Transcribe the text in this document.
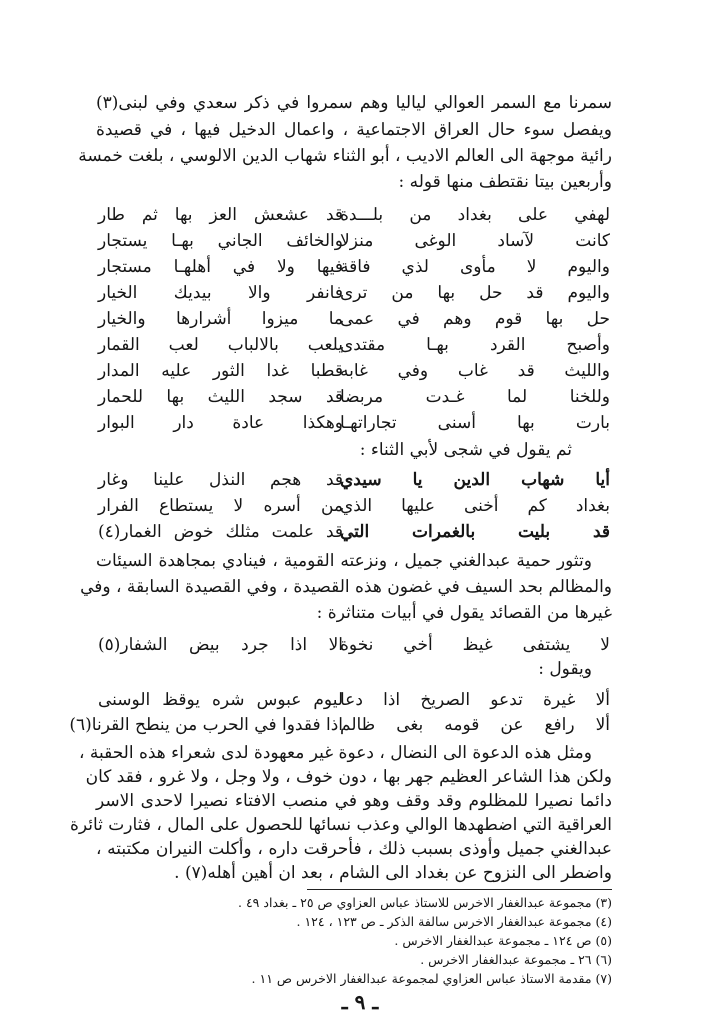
سمرنا مع السمر العوالي لياليا وهم سمروا في ذكر سعدي وفي لبنى(٣)
ويفصل سوء حال العراق الاجتماعية ، واعمال الدخيل فيها ، في قصيدة
رائية موجهة الى العالم الاديب ، أبو الثناء شهاب الدين الالوسي ، بلغت خمسة
وأربعين بيتا نقتطف منها قوله :
لهفي على بغداد من بلـــدة
قد عشعش العز بها ثم طار
كانت لآساد الوغى منزلا
والخائف الجاني بهـا يستجار
واليوم لا مأوى لذي فاقة
فيها ولا في أهلهـا مستجار
واليوم قد حل بها من ترى
فانفر والا بيديك الخيار
حل بها قوم وهم في عمى
ما ميزوا أشرارها والخيار
وأصبح القرد بهـا مقتدى
يلعب بالالباب لعب القمار
والليث قد غاب وفي غابه
قطبا غدا الثور عليه المدار
وللخنا لما غـدت مربضا
قد سجد الليث بها للحمار
بارت بها أسنى تجاراتهـا
وهكذا عادة دار البوار
ثم يقول في شجى لأبي الثناء :
أيا شهاب الدين يا سيدي
قد هجم النذل علينا وغار
بغداد كم أخنى عليها الذي
من أسره لا يستطاع الفرار
قد بليت بالغمرات التي
قد علمت مثلك خوض الغمار(٤)
وتثور حمية عبدالغني جميل ، ونزعته القومية ، فينادي بمجاهدة السيئات
والمظالم بحد السيف في غضون هذه القصيدة ، وفي القصيدة السابقة ، وفي
غيرها من القصائد يقول في أبيات متناثرة :
لا يشتفى غيظ أخي نخوة
الا اذا جرد بيض الشفار(٥)
ويقول :
ألا غيرة تدعو الصريخ اذا دعا
ليوم عبوس شره يوقظ الوسنى
ألا رافع عن قومه بغى ظالم
اذا فقدوا في الحرب من ينطح القرنا(٦)
ومثل هذه الدعوة الى النضال ، دعوة غير معهودة لدى شعراء هذه الحقبة ،
ولكن هذا الشاعر العظيم جهر بها ، دون خوف ، ولا وجل ، ولا غرو ، فقد كان
دائما نصيرا للمظلوم وقد وقف وهو في منصب الافتاء نصيرا لاحدى الاسر
العراقية التي اضطهدها الوالي وعذب نسائها للحصول على المال ، فثارت ثائرة
عبدالغني جميل وأوذى بسبب ذلك ، فأحرقت داره ، وأكلت النيران مكتبته ،
واضطر الى النزوح عن بغداد الى الشام ، بعد ان أهين أهله(٧) .
(٣) مجموعة عبدالغفار الاخرس للاستاذ عباس العزاوي ص ٢٥ ـ بغداد ٤٩ .
(٤) مجموعة عبدالغفار الاخرس سالفة الذكر ـ ص ١٢٣ ، ١٢٤ .
(٥) ص ١٢٤ ـ مجموعة عبدالغفار الاخرس .
(٦) ٢٦ ـ مجموعة عبدالغفار الاخرس .
(٧) مقدمة الاستاذ عباس العزاوي لمجموعة عبدالغفار الاخرس ص ١١ .
ـ ٩ ـ
